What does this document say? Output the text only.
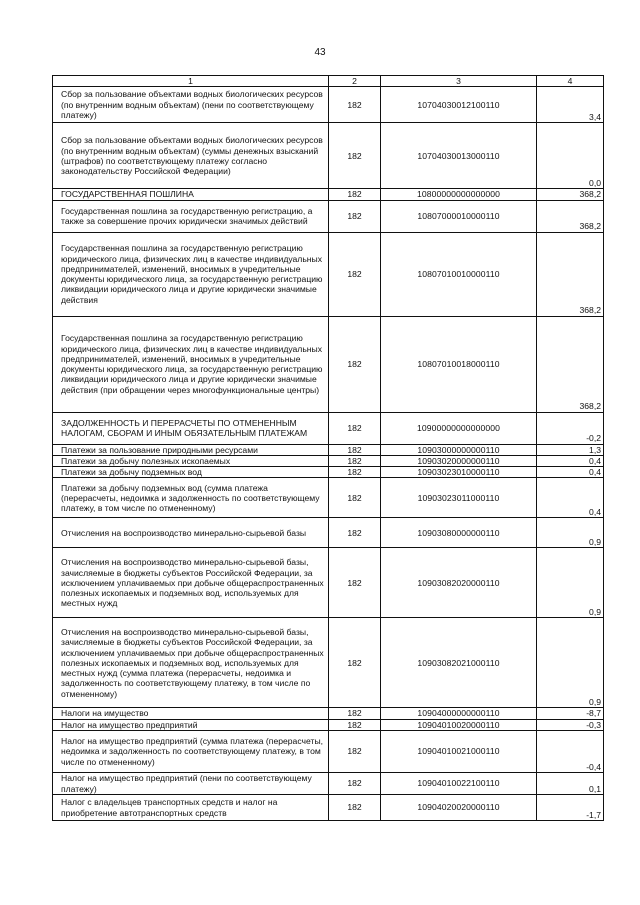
43
1	2	3	4
Сбор за пользование объектами водных биологических ресурсов (по внутренним водным объектам) (пени по соответствующему платежу)	182	10704030012100110	3,4
Сбор за пользование объектами водных биологических ресурсов (по внутренним водным объектам) (суммы денежных взысканий (штрафов) по соответствующему платежу согласно законодательству Российской Федерации)	182	10704030013000110	0,0
ГОСУДАРСТВЕННАЯ ПОШЛИНА	182	10800000000000000	368,2
Государственная пошлина за государственную регистрацию, а также за совершение прочих юридически значимых действий	182	10807000010000110	368,2
Государственная пошлина за государственную регистрацию юридического лица, физических лиц в качестве индивидуальных предпринимателей, изменений, вносимых в учредительные документы юридического лица, за государственную регистрацию ликвидации юридического лица и другие юридически значимые действия	182	10807010010000110	368,2
Государственная пошлина за государственную регистрацию юридического лица, физических лиц в качестве индивидуальных предпринимателей, изменений, вносимых в учредительные документы юридического лица, за государственную регистрацию ликвидации юридического лица и другие юридически значимые действия (при обращении через многофункциональные центры)	182	10807010018000110	368,2
ЗАДОЛЖЕННОСТЬ И ПЕРЕРАСЧЕТЫ ПО ОТМЕНЕННЫМ НАЛОГАМ, СБОРАМ И ИНЫМ ОБЯЗАТЕЛЬНЫМ ПЛАТЕЖАМ	182	10900000000000000	-0,2
Платежи за пользование природными ресурсами	182	10903000000000110	1,3
Платежи за добычу полезных ископаемых	182	10903020000000110	0,4
Платежи за добычу подземных вод	182	10903023010000110	0,4
Платежи за добычу подземных вод (сумма платежа (перерасчеты, недоимка и задолженность по соответствующему платежу, в том числе по отмененному)	182	10903023011000110	0,4
Отчисления на воспроизводство минерально-сырьевой базы	182	10903080000000110	0,9
Отчисления на воспроизводство минерально-сырьевой базы, зачисляемые в бюджеты субъектов Российской Федерации, за исключением уплачиваемых при добыче общераспространенных полезных ископаемых и подземных вод, используемых для местных нужд	182	10903082020000110	0,9
Отчисления на воспроизводство минерально-сырьевой базы, зачисляемые в бюджеты субъектов Российской Федерации, за исключением уплачиваемых при добыче общераспространенных полезных ископаемых и подземных вод, используемых для местных нужд (сумма платежа (перерасчеты, недоимка и задолженность по соответствующему платежу, в том числе по отмененному)	182	10903082021000110	0,9
Налоги на имущество	182	10904000000000110	-8,7
Налог на имущество предприятий	182	10904010020000110	-0,3
Налог на имущество предприятий (сумма платежа (перерасчеты, недоимка и задолженность по соответствующему платежу, в том числе по отмененному)	182	10904010021000110	-0,4
Налог на имущество предприятий (пени по соответствующему платежу)	182	10904010022100110	0,1
Налог с владельцев транспортных средств и налог на приобретение автотранспортных средств	182	10904020020000110	-1,7
